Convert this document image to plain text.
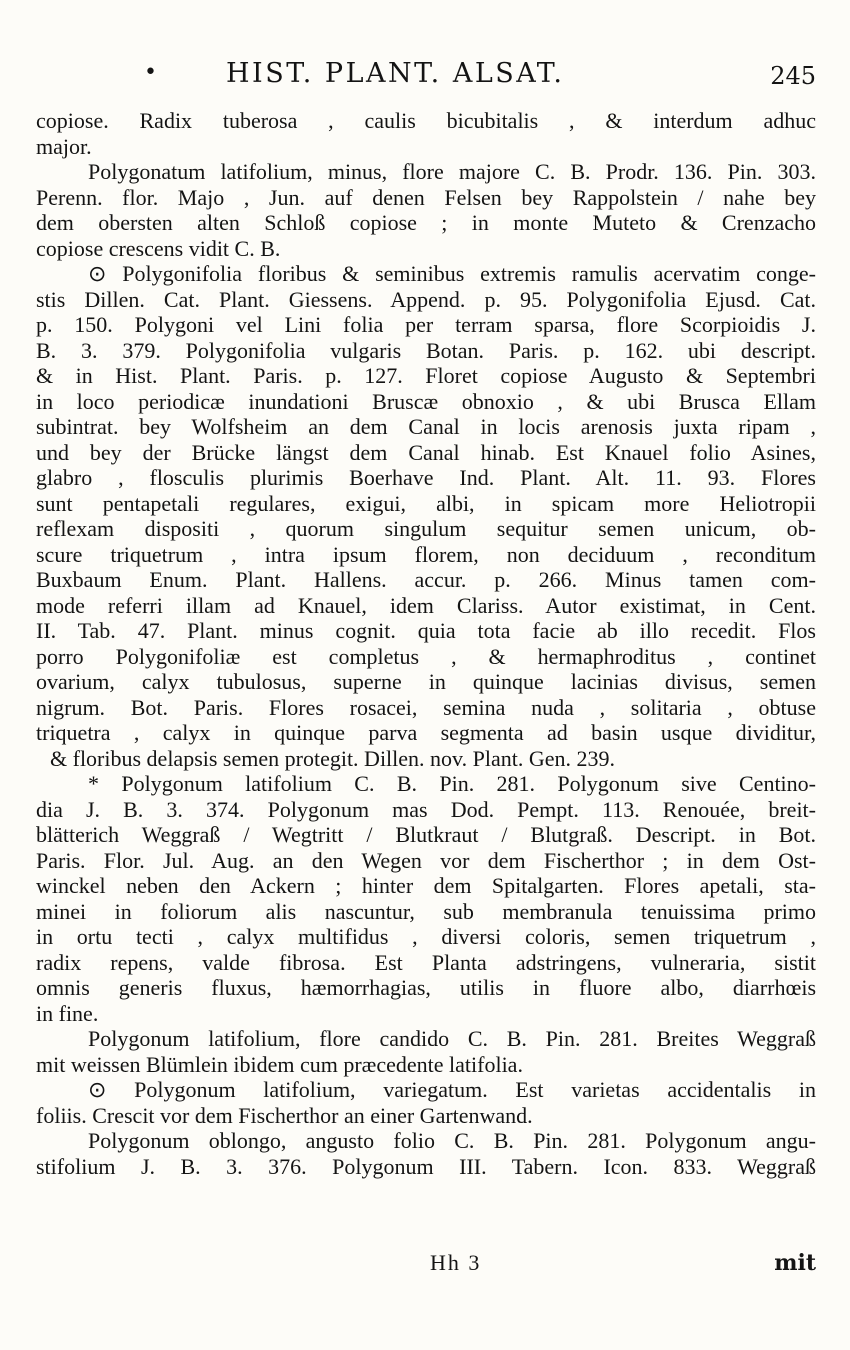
•	HIST. PLANT. ALSAT.	245
copiose. Radix tuberosa , caulis bicubitalis , & interdum adhuc
major.
Polygonatum latifolium, minus, flore majore C. B. Prodr. 136. Pin. 303.
Perenn. flor. Majo , Jun. auf denen Felsen bey Rappolstein / nahe bey
dem obersten alten Schloß copiose ; in monte Muteto & Crenzacho
copiose crescens vidit C. B.
⊙ Polygonifolia floribus & seminibus extremis ramulis acervatim conge-
stis Dillen. Cat. Plant. Giessens. Append. p. 95. Polygonifolia Ejusd. Cat.
p. 150. Polygoni vel Lini folia per terram sparsa, flore Scorpioidis J.
B. 3. 379. Polygonifolia vulgaris Botan. Paris. p. 162. ubi descript.
& in Hist. Plant. Paris. p. 127. Floret copiose Augusto & Septembri
in loco periodicæ inundationi Bruscæ obnoxio , & ubi Brusca Ellam
subintrat. bey Wolfsheim an dem Canal in locis arenosis juxta ripam ,
und bey der Brücke längst dem Canal hinab. Est Knauel folio Asines,
glabro , flosculis plurimis Boerhave Ind. Plant. Alt. 11. 93. Flores
sunt pentapetali regulares, exigui, albi, in spicam more Heliotropii
reflexam dispositi , quorum singulum sequitur semen unicum, ob-
scure triquetrum , intra ipsum florem, non deciduum , reconditum
Buxbaum Enum. Plant. Hallens. accur. p. 266. Minus tamen com-
mode referri illam ad Knauel, idem Clariss. Autor existimat, in Cent.
II. Tab. 47. Plant. minus cognit. quia tota facie ab illo recedit. Flos
porro Polygonifoliæ est completus , & hermaphroditus , continet
ovarium, calyx tubulosus, superne in quinque lacinias divisus, semen
nigrum. Bot. Paris. Flores rosacei, semina nuda , solitaria , obtuse
triquetra , calyx in quinque parva segmenta ad basin usque dividitur,
& floribus delapsis semen protegit. Dillen. nov. Plant. Gen. 239.
* Polygonum latifolium C. B. Pin. 281. Polygonum sive Centino-
dia J. B. 3. 374. Polygonum mas Dod. Pempt. 113. Renouée, breit-
blätterich Weggraß / Wegtritt / Blutkraut / Blutgraß. Descript. in Bot.
Paris. Flor. Jul. Aug. an den Wegen vor dem Fischerthor ; in dem Ost-
winckel neben den Ackern ; hinter dem Spitalgarten. Flores apetali, sta-
minei in foliorum alis nascuntur, sub membranula tenuissima primo
in ortu tecti , calyx multifidus , diversi coloris, semen triquetrum ,
radix repens, valde fibrosa. Est Planta adstringens, vulneraria, sistit
omnis generis fluxus, hæmorrhagias, utilis in fluore albo, diarrhœis
in fine.
Polygonum latifolium, flore candido C. B. Pin. 281. Breites Weggraß
mit weissen Blümlein ibidem cum præcedente latifolia.
⊙ Polygonum latifolium, variegatum. Est varietas accidentalis in
foliis. Crescit vor dem Fischerthor an einer Gartenwand.
Polygonum oblongo, angusto folio C. B. Pin. 281. Polygonum angu-
stifolium J. B. 3. 376. Polygonum III. Tabern. Icon. 833. Weggraß
Hh 3	mit
